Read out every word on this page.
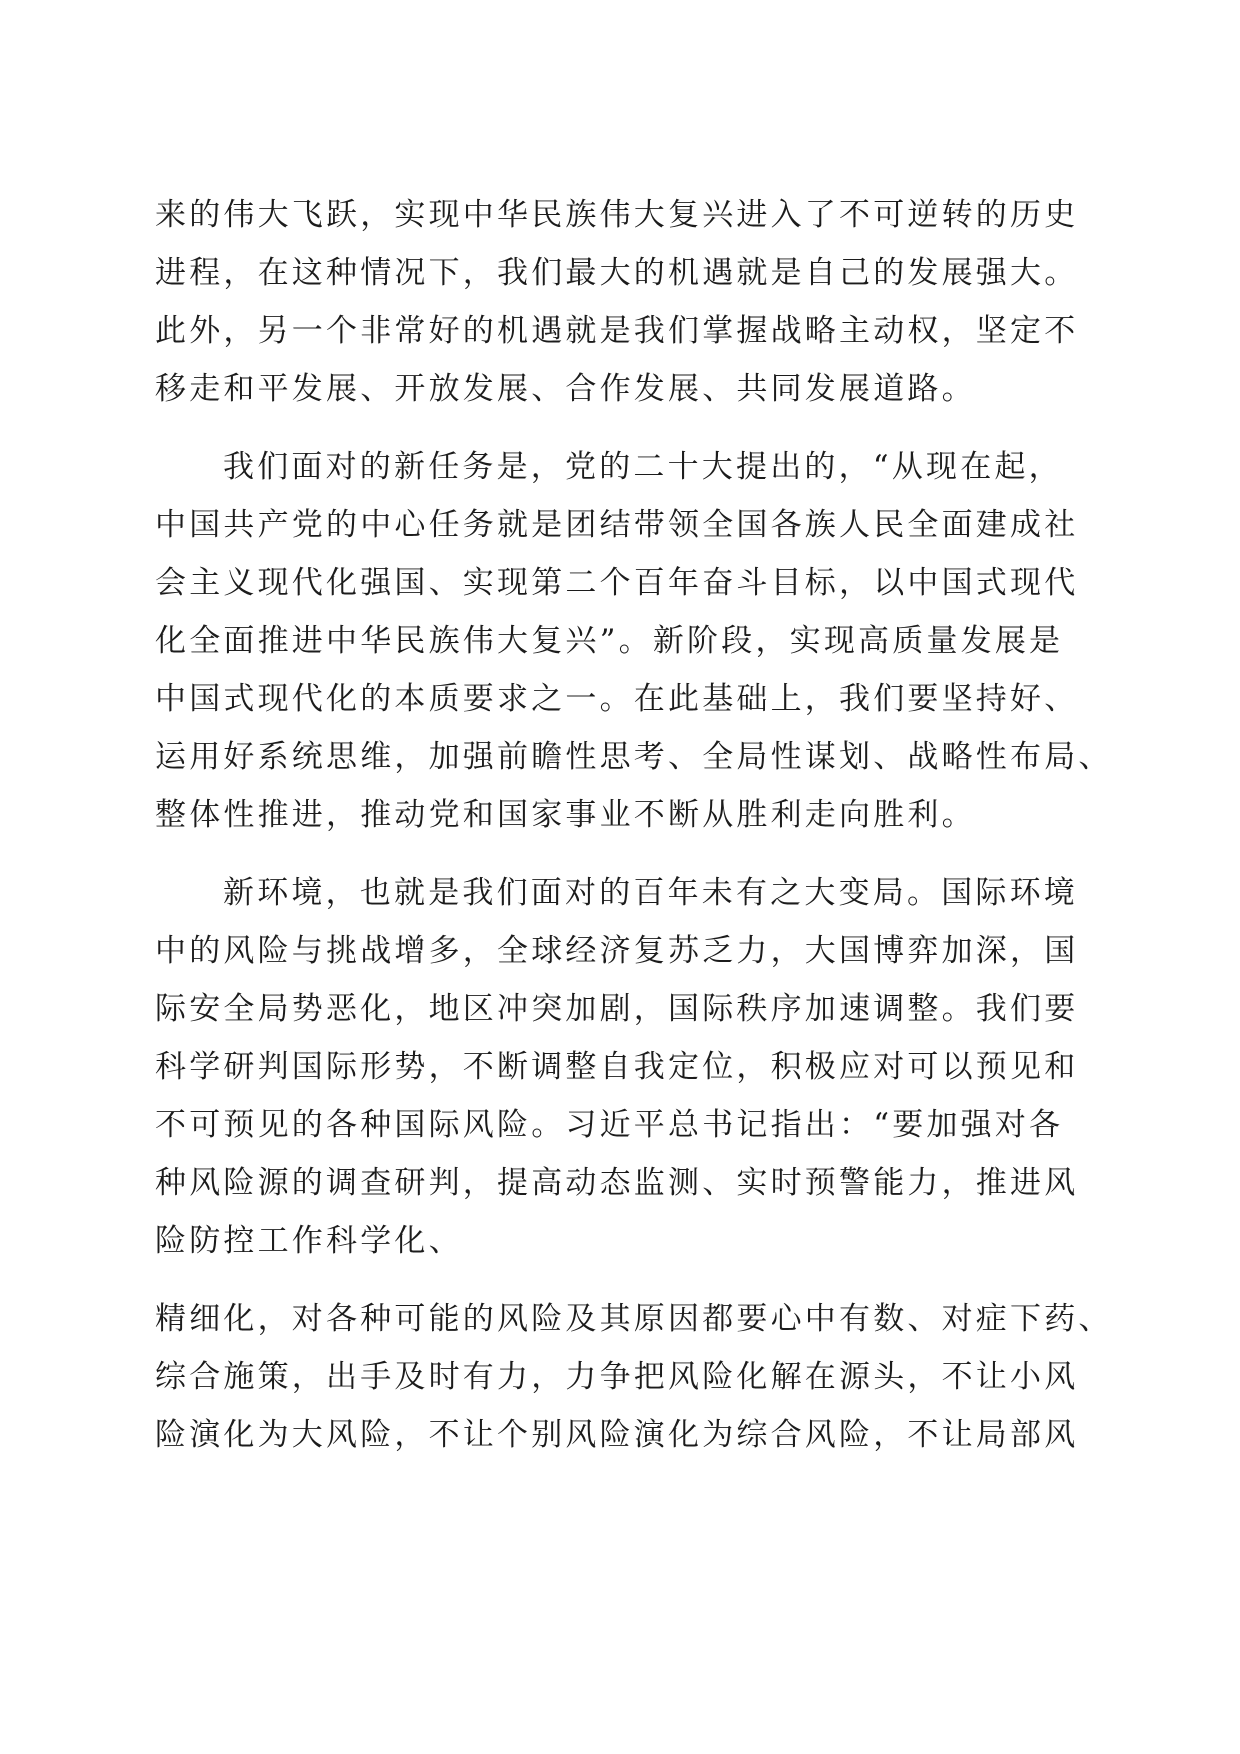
来的伟大飞跃，实现中华民族伟大复兴进入了不可逆转的历史
进程，在这种情况下，我们最大的机遇就是自己的发展强大。
此外，另一个非常好的机遇就是我们掌握战略主动权，坚定不
移走和平发展、开放发展、合作发展、共同发展道路。
我们面对的新任务是，党的二十大提出的，“从现在起，
中国共产党的中心任务就是团结带领全国各族人民全面建成社
会主义现代化强国、实现第二个百年奋斗目标，以中国式现代
化全面推进中华民族伟大复兴”。新阶段，实现高质量发展是
中国式现代化的本质要求之一。在此基础上，我们要坚持好、
运用好系统思维，加强前瞻性思考、全局性谋划、战略性布局、
整体性推进，推动党和国家事业不断从胜利走向胜利。
新环境，也就是我们面对的百年未有之大变局。国际环境
中的风险与挑战增多，全球经济复苏乏力，大国博弈加深，国
际安全局势恶化，地区冲突加剧，国际秩序加速调整。我们要
科学研判国际形势，不断调整自我定位，积极应对可以预见和
不可预见的各种国际风险。习近平总书记指出：“要加强对各
种风险源的调查研判，提高动态监测、实时预警能力，推进风
险防控工作科学化、
精细化，对各种可能的风险及其原因都要心中有数、对症下药、
综合施策，出手及时有力，力争把风险化解在源头，不让小风
险演化为大风险，不让个别风险演化为综合风险，不让局部风
